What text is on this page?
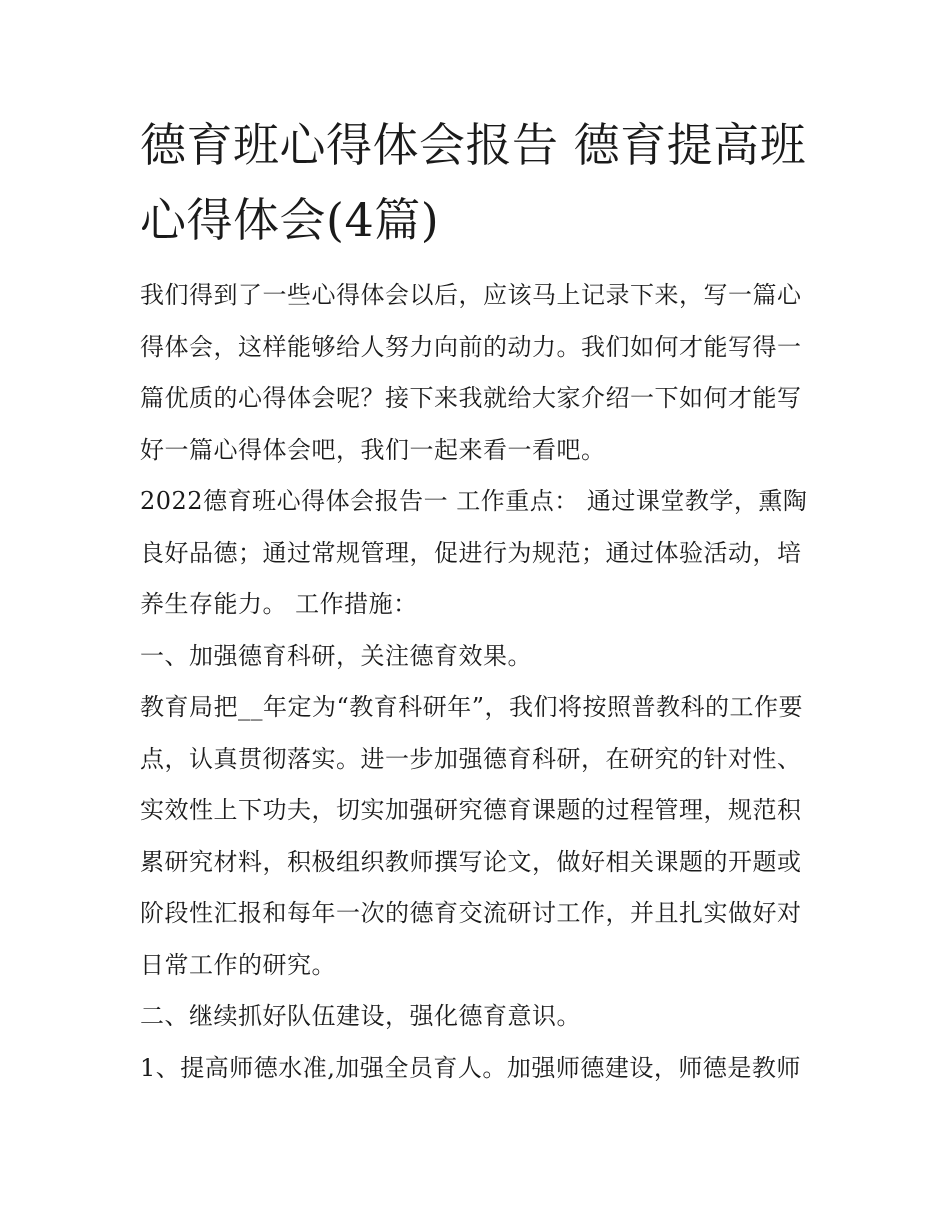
德育班心得体会报告 德育提高班心得体会(4篇)

我们得到了一些心得体会以后，应该马上记录下来，写一篇心得体会，这样能够给人努力向前的动力。我们如何才能写得一篇优质的心得体会呢？接下来我就给大家介绍一下如何才能写好一篇心得体会吧，我们一起来看一看吧。

2022德育班心得体会报告一 工作重点： 通过课堂教学，熏陶良好品德；通过常规管理，促进行为规范；通过体验活动，培养生存能力。 工作措施：

一、加强德育科研，关注德育效果。

教育局把__年定为“教育科研年”，我们将按照普教科的工作要点，认真贯彻落实。进一步加强德育科研，在研究的针对性、实效性上下功夫，切实加强研究德育课题的过程管理，规范积累研究材料，积极组织教师撰写论文，做好相关课题的开题或阶段性汇报和每年一次的德育交流研讨工作，并且扎实做好对日常工作的研究。

二、继续抓好队伍建设，强化德育意识。

1、提高师德水准,加强全员育人。加强师德建设，师德是教师
